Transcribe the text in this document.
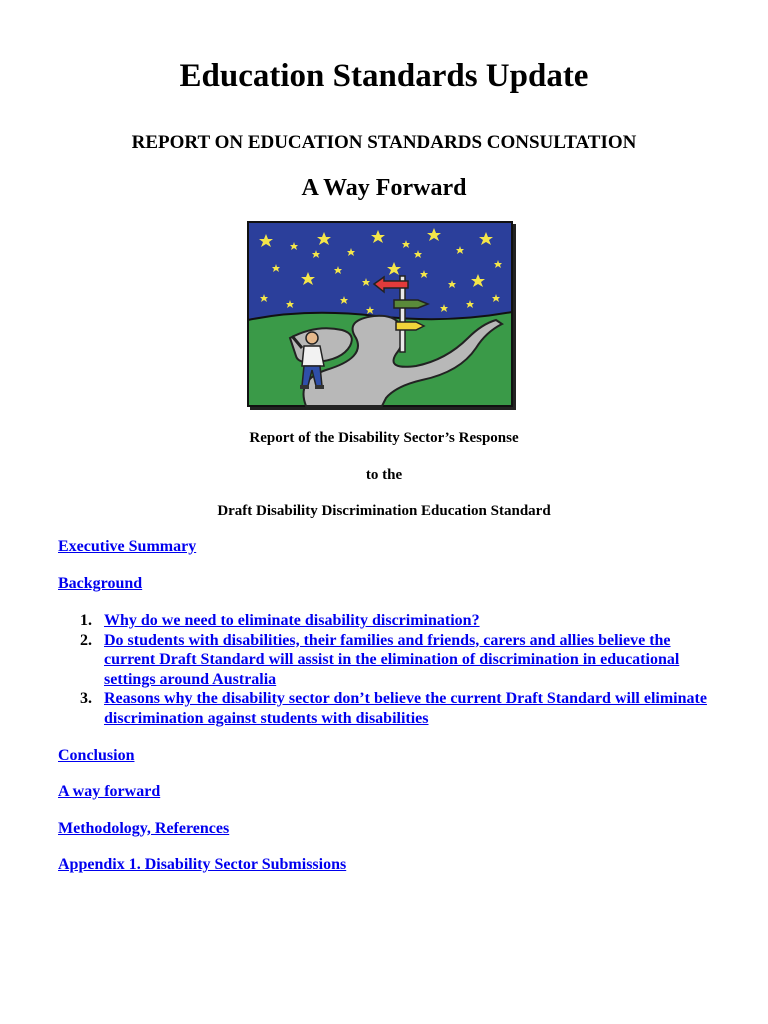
Education Standards Update
REPORT ON EDUCATION STANDARDS CONSULTATION
A Way Forward
Report of the Disability Sector’s Response
to the
Draft Disability Discrimination Education Standard
Executive Summary
Background
1. Why do we need to eliminate disability discrimination?
2. Do students with disabilities, their families and friends, carers and allies believe the current Draft Standard will assist in the elimination of discrimination in educational settings around Australia
3. Reasons why the disability sector don’t believe the current Draft Standard will eliminate discrimination against students with disabilities
Conclusion
A way forward
Methodology, References
Appendix 1. Disability Sector Submissions
